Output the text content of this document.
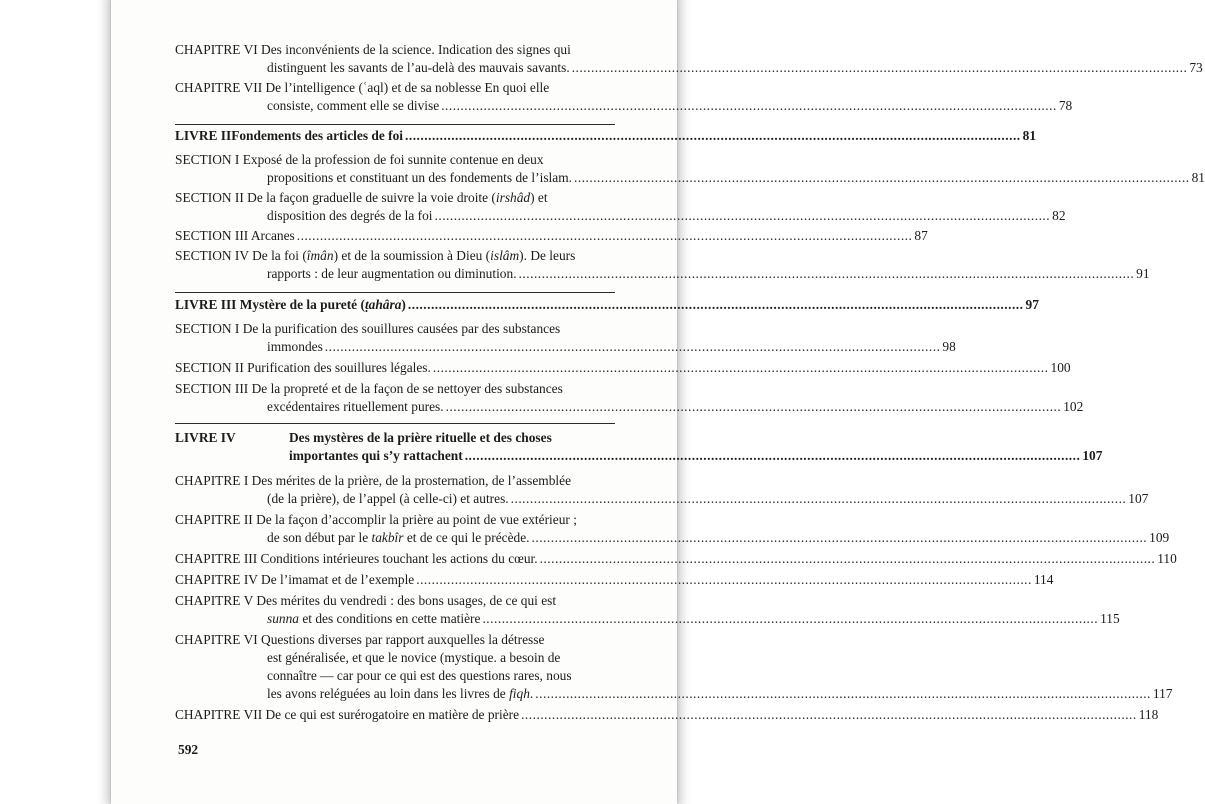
CHAPITRE VI Des inconvénients de la science. Indication des signes qui
distinguent les savants de l’au-delà des mauvais savants. ................................................................................................................................................................ 73
CHAPITRE VII De l’intelligence (ʿaql) et de sa noblesse En quoi elle
consiste, comment elle se divise ................................................................................................................................................................ 78
LIVRE II Fondements des articles de foi ................................................................................................................................................................ 81
SECTION I Exposé de la profession de foi sunnite contenue en deux
propositions et constituant un des fondements de l’islam. ................................................................................................................................................................ 81
SECTION II De la façon graduelle de suivre la voie droite (irshâd) et
disposition des degrés de la foi ................................................................................................................................................................ 82
SECTION III Arcanes ................................................................................................................................................................ 87
SECTION IV De la foi (îmân) et de la soumission à Dieu (islâm). De leurs
rapports : de leur augmentation ou diminution. ................................................................................................................................................................ 91
LIVRE III Mystère de la pureté (ṭahâra) ................................................................................................................................................................ 97
SECTION I De la purification des souillures causées par des substances
immondes ................................................................................................................................................................ 98
SECTION II Purification des souillures légales. ................................................................................................................................................................ 100
SECTION III De la propreté et de la façon de se nettoyer des substances
excédentaires rituellement pures. ................................................................................................................................................................ 102
LIVRE IV	Des mystères de la prière rituelle et des choses
importantes qui s’y rattachent ................................................................................................................................................................ 107
CHAPITRE I Des mérites de la prière, de la prosternation, de l’assemblée
(de la prière), de l’appel (à celle-ci) et autres. ................................................................................................................................................................ 107
CHAPITRE II De la façon d’accomplir la prière au point de vue extérieur ;
de son début par le takbîr et de ce qui le précède. ................................................................................................................................................................ 109
CHAPITRE III Conditions intérieures touchant les actions du cœur. ................................................................................................................................................................ 110
CHAPITRE IV De l’imamat et de l’exemple ................................................................................................................................................................ 114
CHAPITRE V Des mérites du vendredi : des bons usages, de ce qui est
sunna et des conditions en cette matière ................................................................................................................................................................ 115
CHAPITRE VI Questions diverses par rapport auxquelles la détresse
est généralisée, et que le novice (mystique. a besoin de
connaître — car pour ce qui est des questions rares, nous
les avons reléguées au loin dans les livres de fiqh. ................................................................................................................................................................ 117
CHAPITRE VII De ce qui est surérogatoire en matière de prière ................................................................................................................................................................ 118
592
